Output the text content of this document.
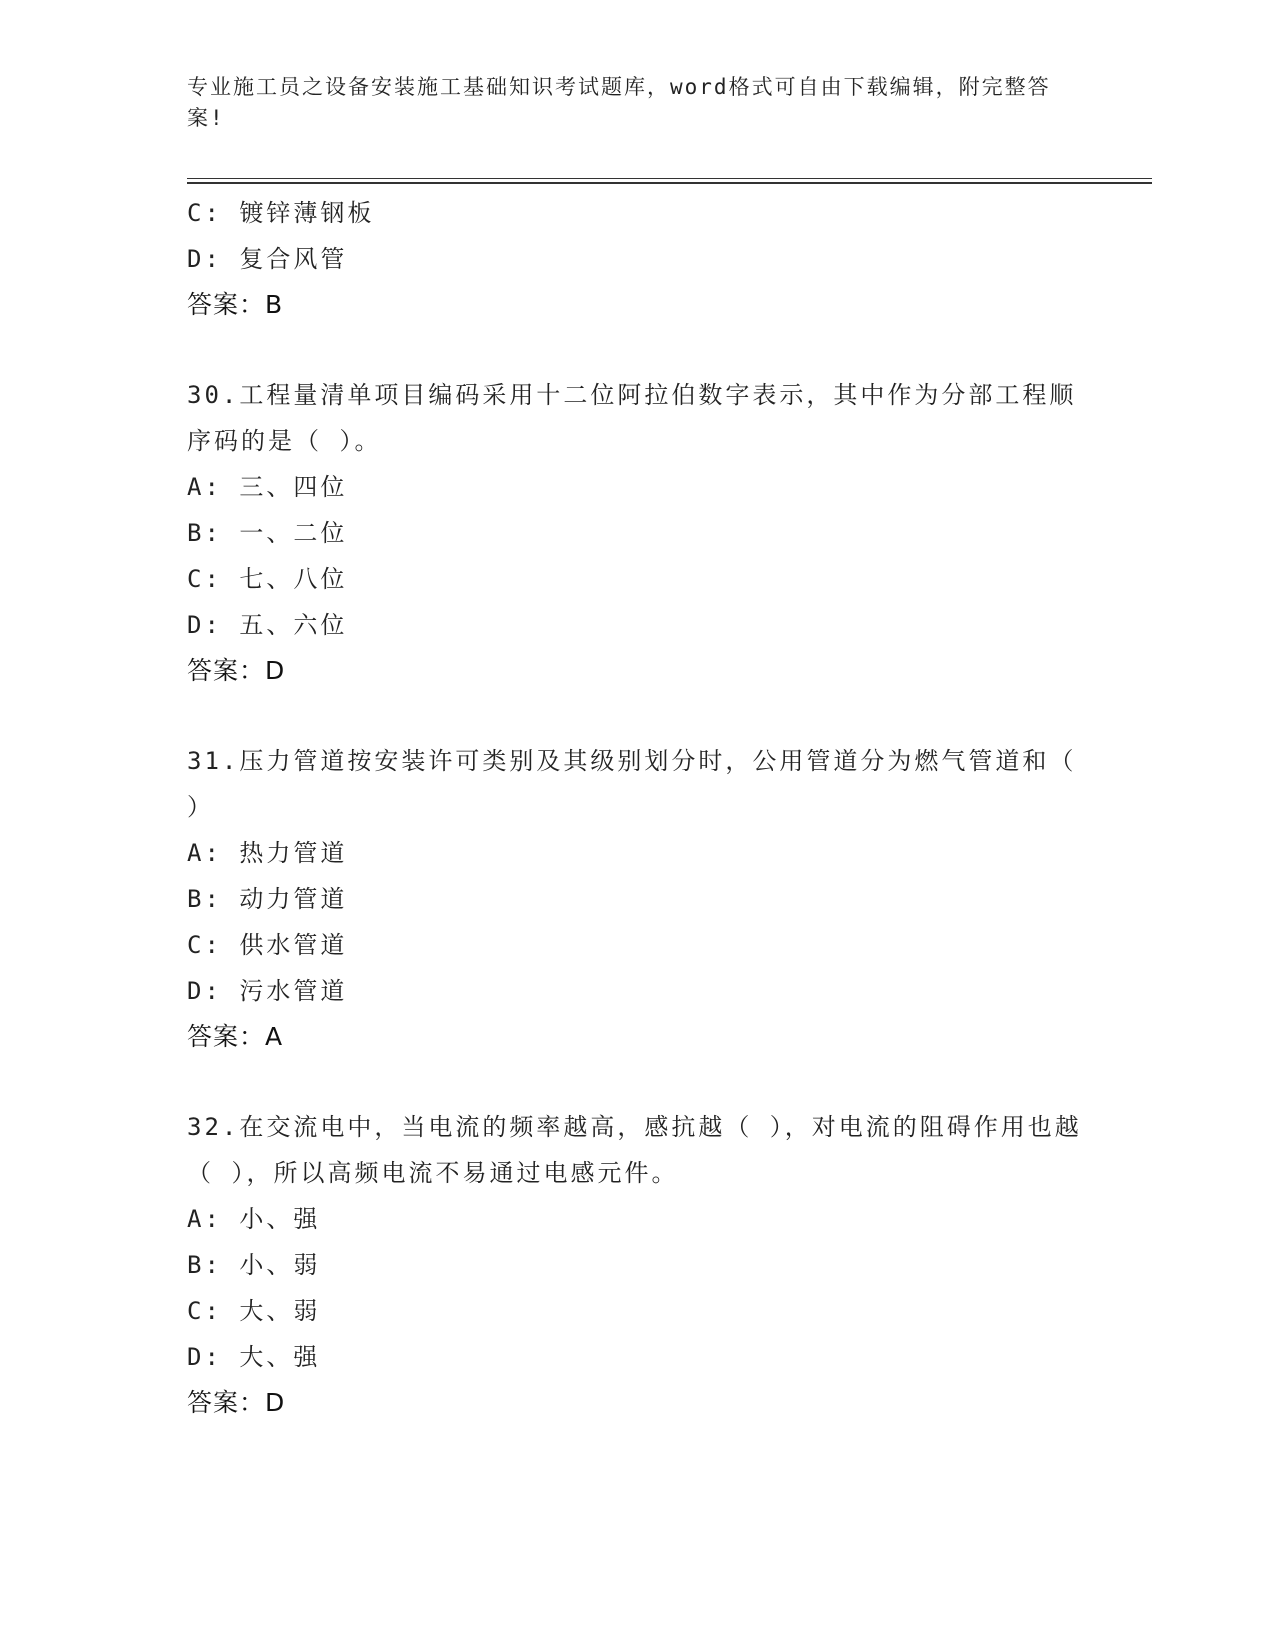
专业施工员之设备安装施工基础知识考试题库，word格式可自由下载编辑，附完整答案!
C: 镀锌薄钢板
D: 复合风管
答案：B
30.工程量清单项目编码采用十二位阿拉伯数字表示，其中作为分部工程顺序码的是（ ）。
A: 三、四位
B: 一、二位
C: 七、八位
D: 五、六位
答案：D
31.压力管道按安装许可类别及其级别划分时，公用管道分为燃气管道和（ ）
A: 热力管道
B: 动力管道
C: 供水管道
D: 污水管道
答案：A
32.在交流电中，当电流的频率越高，感抗越（ ），对电流的阻碍作用也越（ ），所以高频电流不易通过电感元件。
A: 小、强
B: 小、弱
C: 大、弱
D: 大、强
答案：D
